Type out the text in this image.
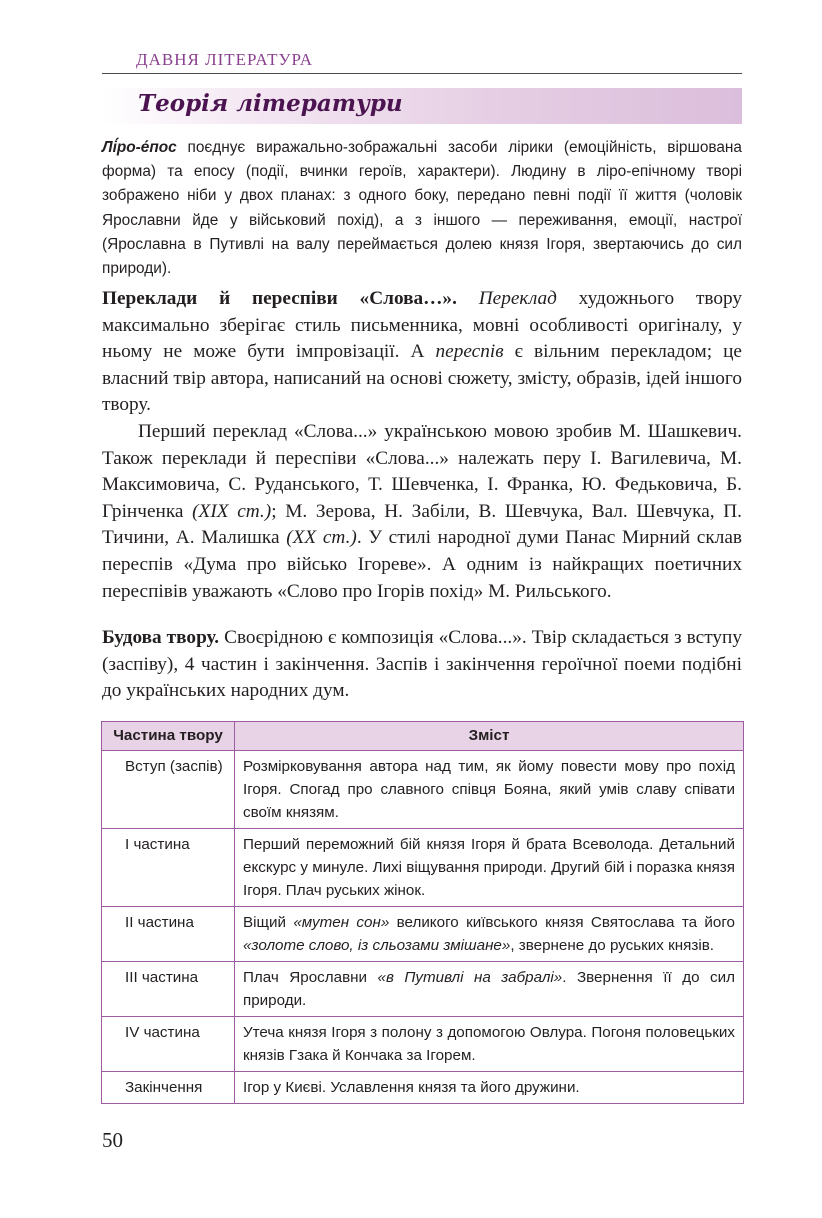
ДАВНЯ ЛІТЕРАТУРА
Теорія літератури

Лі́ро-е́пос поєднує виражально-зображальні засоби лірики (емоційність, віршована форма) та епосу (події, вчинки героїв, характери). Людину в ліро-епічному творі зображено ніби у двох планах: з одного боку, передано певні події її життя (чоловік Ярославни йде у військовий похід), а з іншого — переживання, емоції, настрої (Ярославна в Путивлі на валу переймається долею князя Ігоря, звертаючись до сил природи).

Переклади й переспіви «Слова…». Переклад художнього твору максимально зберігає стиль письменника, мовні особливості оригіналу, у ньому не може бути імпровізації. А переспів є вільним перекладом; це власний твір автора, написаний на основі сюжету, змісту, образів, ідей іншого твору.

Перший переклад «Слова...» українською мовою зробив М. Шашкевич. Також переклади й переспіви «Слова...» належать перу І. Вагилевича, М. Максимовича, С. Руданського, Т. Шевченка, І. Франка, Ю. Федьковича, Б. Грінченка (XIX ст.); М. Зерова, Н. Забіли, В. Шевчука, Вал. Шевчука, П. Тичини, А. Малишка (XX ст.). У стилі народної думи Панас Мирний склав переспів «Дума про військо Ігореве». А одним із найкращих поетичних переспівів уважають «Слово про Ігорів похід» М. Рильського.

Будова твору. Своєрідною є композиція «Слова...». Твір складається з вступу (заспіву), 4 частин і закінчення. Заспів і закінчення героїчної поеми подібні до українських народних дум.

Частина твору	Зміст
Вступ (заспів)	Розмірковування автора над тим, як йому повести мову про похід Ігоря. Спогад про славного співця Бояна, який умів славу співати своїм князям.
І частина	Перший переможний бій князя Ігоря й брата Всеволода. Детальний екскурс у минуле. Лихі віщування природи. Другий бій і поразка князя Ігоря. Плач руських жінок.
ІІ частина	Віщий «мутен сон» великого київського князя Святослава та його «золоте слово, із сльозами змішане», звернене до руських князів.
ІІІ частина	Плач Ярославни «в Путивлі на забралі». Звернення її до сил природи.
ІV частина	Утеча князя Ігоря з полону з допомогою Овлура. Погоня половецьких князів Гзака й Кончака за Ігорем.
Закінчення	Ігор у Києві. Уславлення князя та його дружини.
50
